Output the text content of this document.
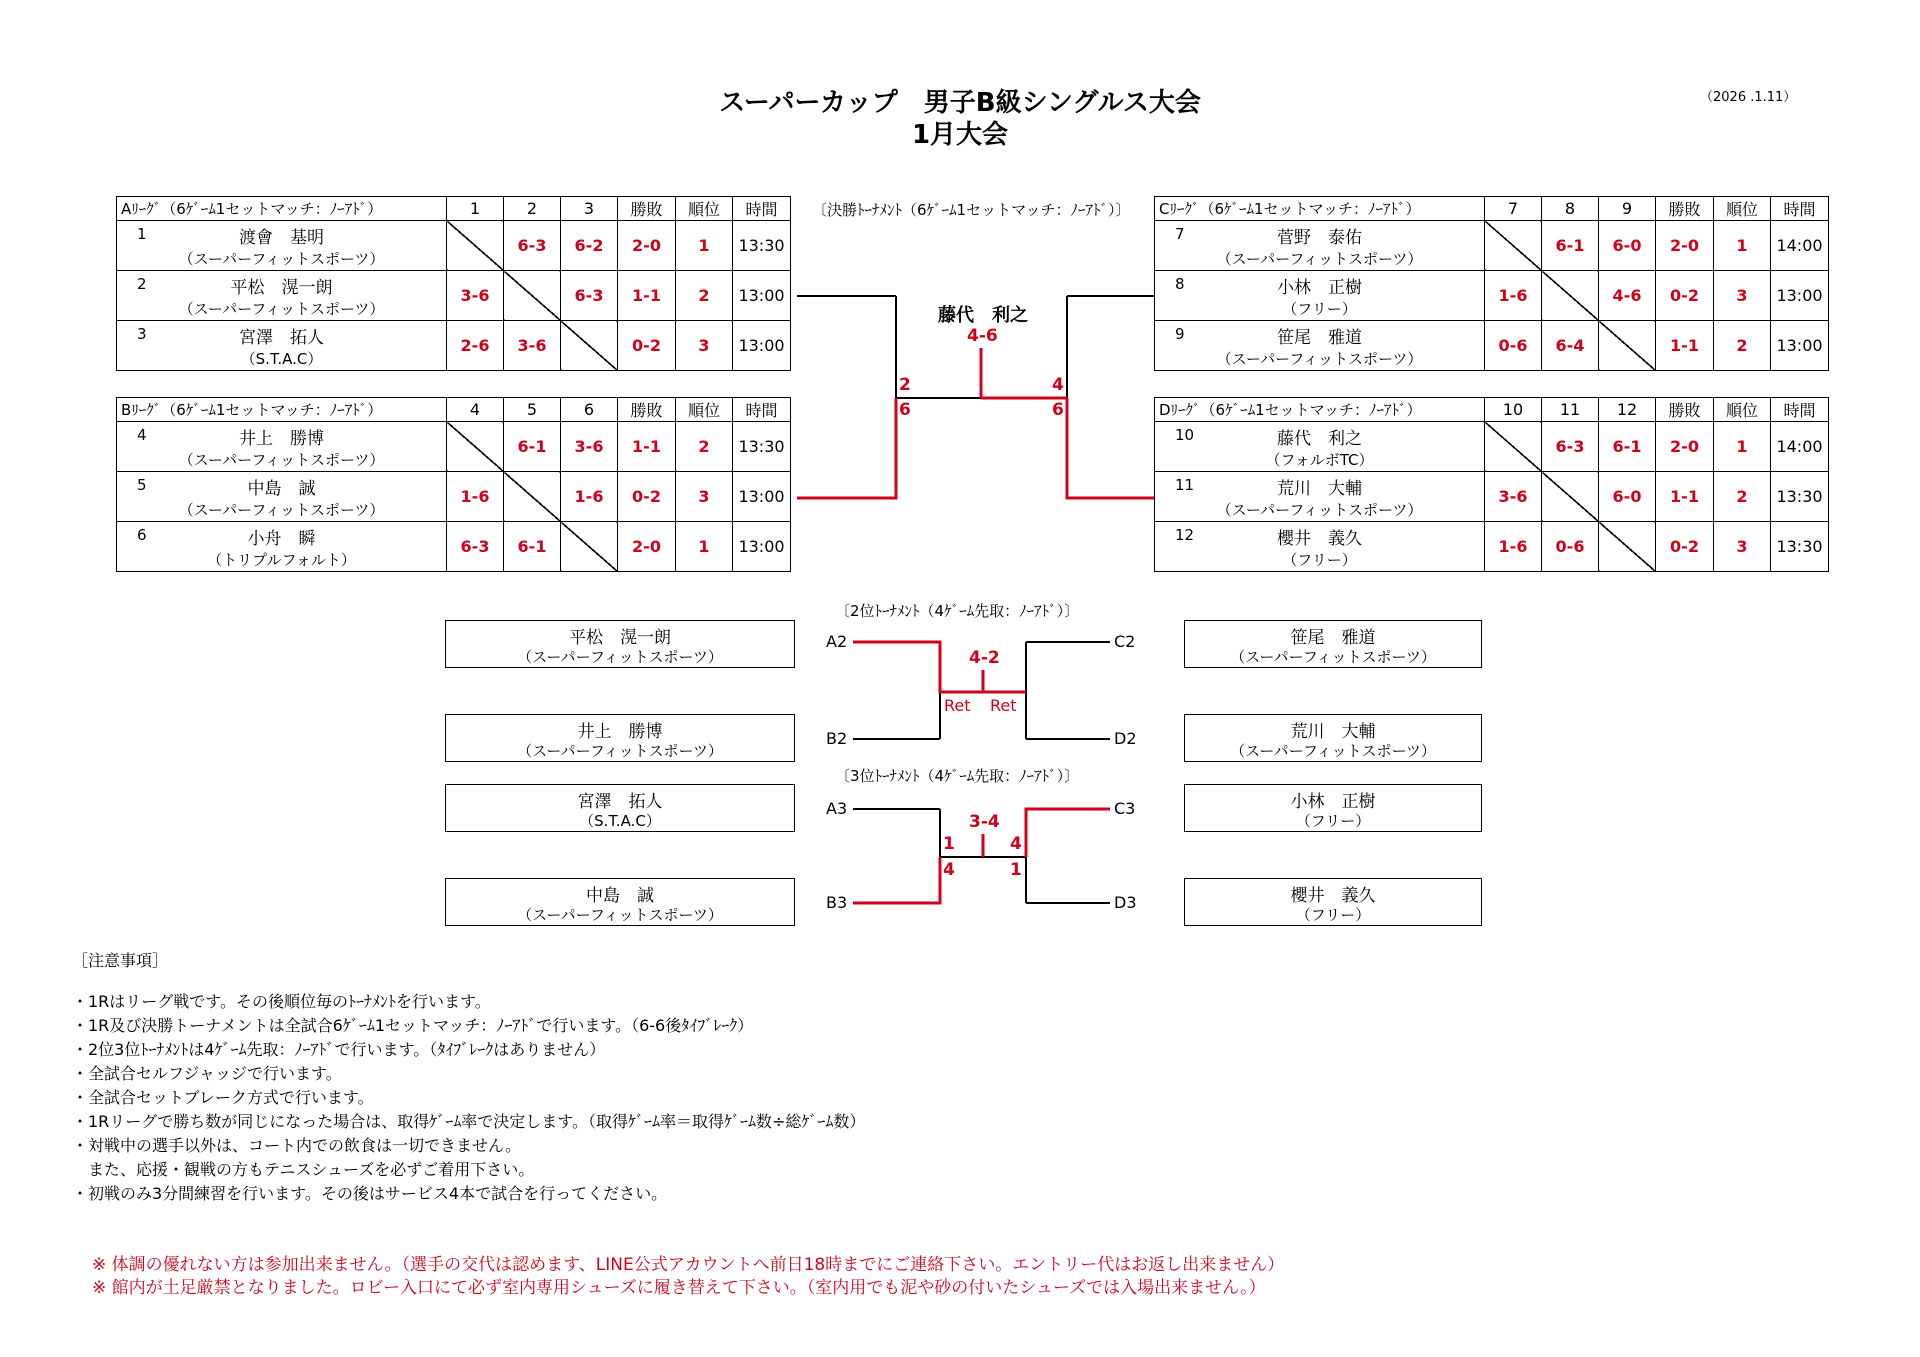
スーパーカップ　男子B級シングルス大会
1月大会
（2026 .1.11）
Aﾘｰｸﾞ（6ｹﾞｰﾑ1セットマッチ：ﾉｰｱﾄﾞ）	1	2	3	勝敗	順位	時間

1 渡會　基明
（スーパーフィットスポーツ）		6-3	6-2	2-0	1	13:30

2 平松　滉一朗
（スーパーフィットスポーツ）	3-6		6-3	1-1	2	13:00

3 宮澤　拓人
（S.T.A.C）	2-6	3-6		0-2	3	13:00
Bﾘｰｸﾞ（6ｹﾞｰﾑ1セットマッチ：ﾉｰｱﾄﾞ）	4	5	6	勝敗	順位	時間

4 井上　勝博
（スーパーフィットスポーツ）		6-1	3-6	1-1	2	13:30

5 中島　誠
（スーパーフィットスポーツ）	1-6		1-6	0-2	3	13:00

6 小舟　瞬
（トリプルフォルト）	6-3	6-1		2-0	1	13:00
Cﾘｰｸﾞ（6ｹﾞｰﾑ1セットマッチ：ﾉｰｱﾄﾞ）	7	8	9	勝敗	順位	時間

7 菅野　泰佑
（スーパーフィットスポーツ）		6-1	6-0	2-0	1	14:00

8 小林　正樹
（フリー）	1-6		4-6	0-2	3	13:00

9 笹尾　雅道
（スーパーフィットスポーツ）	0-6	6-4		1-1	2	13:00
Dﾘｰｸﾞ（6ｹﾞｰﾑ1セットマッチ：ﾉｰｱﾄﾞ）	10	11	12	勝敗	順位	時間

10 藤代　利之
（フォルボTC）		6-3	6-1	2-0	1	14:00

11 荒川　大輔
（スーパーフィットスポーツ）	3-6		6-0	1-1	2	13:30

12 櫻井　義久
（フリー）	1-6	0-6		0-2	3	13:30
〔決勝ﾄｰﾅﾒﾝﾄ（6ｹﾞｰﾑ1セットマッチ：ﾉｰｱﾄﾞ）〕
藤代　利之
4-6
2
6
4
6
〔2位ﾄｰﾅﾒﾝﾄ（4ｹﾞｰﾑ先取：ﾉｰｱﾄﾞ）〕
A2
B2
C2
D2
4-2
Ret Ret
平松　滉一朗
（スーパーフィットスポーツ）
井上　勝博
（スーパーフィットスポーツ）
笹尾　雅道
（スーパーフィットスポーツ）
荒川　大輔
（スーパーフィットスポーツ）
〔3位ﾄｰﾅﾒﾝﾄ（4ｹﾞｰﾑ先取：ﾉｰｱﾄﾞ）〕
A3
B3
C3
D3
3-4
1
4
4
1
宮澤　拓人
（S.T.A.C）
中島　誠
（スーパーフィットスポーツ）
小林　正樹
（フリー）
櫻井　義久
（フリー）
［注意事項］
・1Rはリーグ戦です。その後順位毎のﾄｰﾅﾒﾝﾄを行います。
・1R及び決勝トーナメントは全試合6ｹﾞｰﾑ1セットマッチ：ﾉｰｱﾄﾞで行います。（6-6後ﾀｲﾌﾞﾚｰｸ）
・2位3位ﾄｰﾅﾒﾝﾄは4ｹﾞｰﾑ先取：ﾉｰｱﾄﾞで行います。（ﾀｲﾌﾞﾚｰｸはありません）
・全試合セルフジャッジで行います。
・全試合セットブレーク方式で行います。
・1Rリーグで勝ち数が同じになった場合は、取得ｹﾞｰﾑ率で決定します。（取得ｹﾞｰﾑ率＝取得ｹﾞｰﾑ数÷総ｹﾞｰﾑ数）
・対戦中の選手以外は、コート内での飲食は一切できません。
　また、応援・観戦の方もテニスシューズを必ずご着用下さい。
・初戦のみ3分間練習を行います。その後はサービス4本で試合を行ってください。
※ 体調の優れない方は参加出来ません。（選手の交代は認めます、LINE公式アカウントへ前日18時までにご連絡下さい。エントリー代はお返し出来ません）
※ 館内が土足厳禁となりました。ロビー入口にて必ず室内専用シューズに履き替えて下さい。（室内用でも泥や砂の付いたシューズでは入場出来ません。）
